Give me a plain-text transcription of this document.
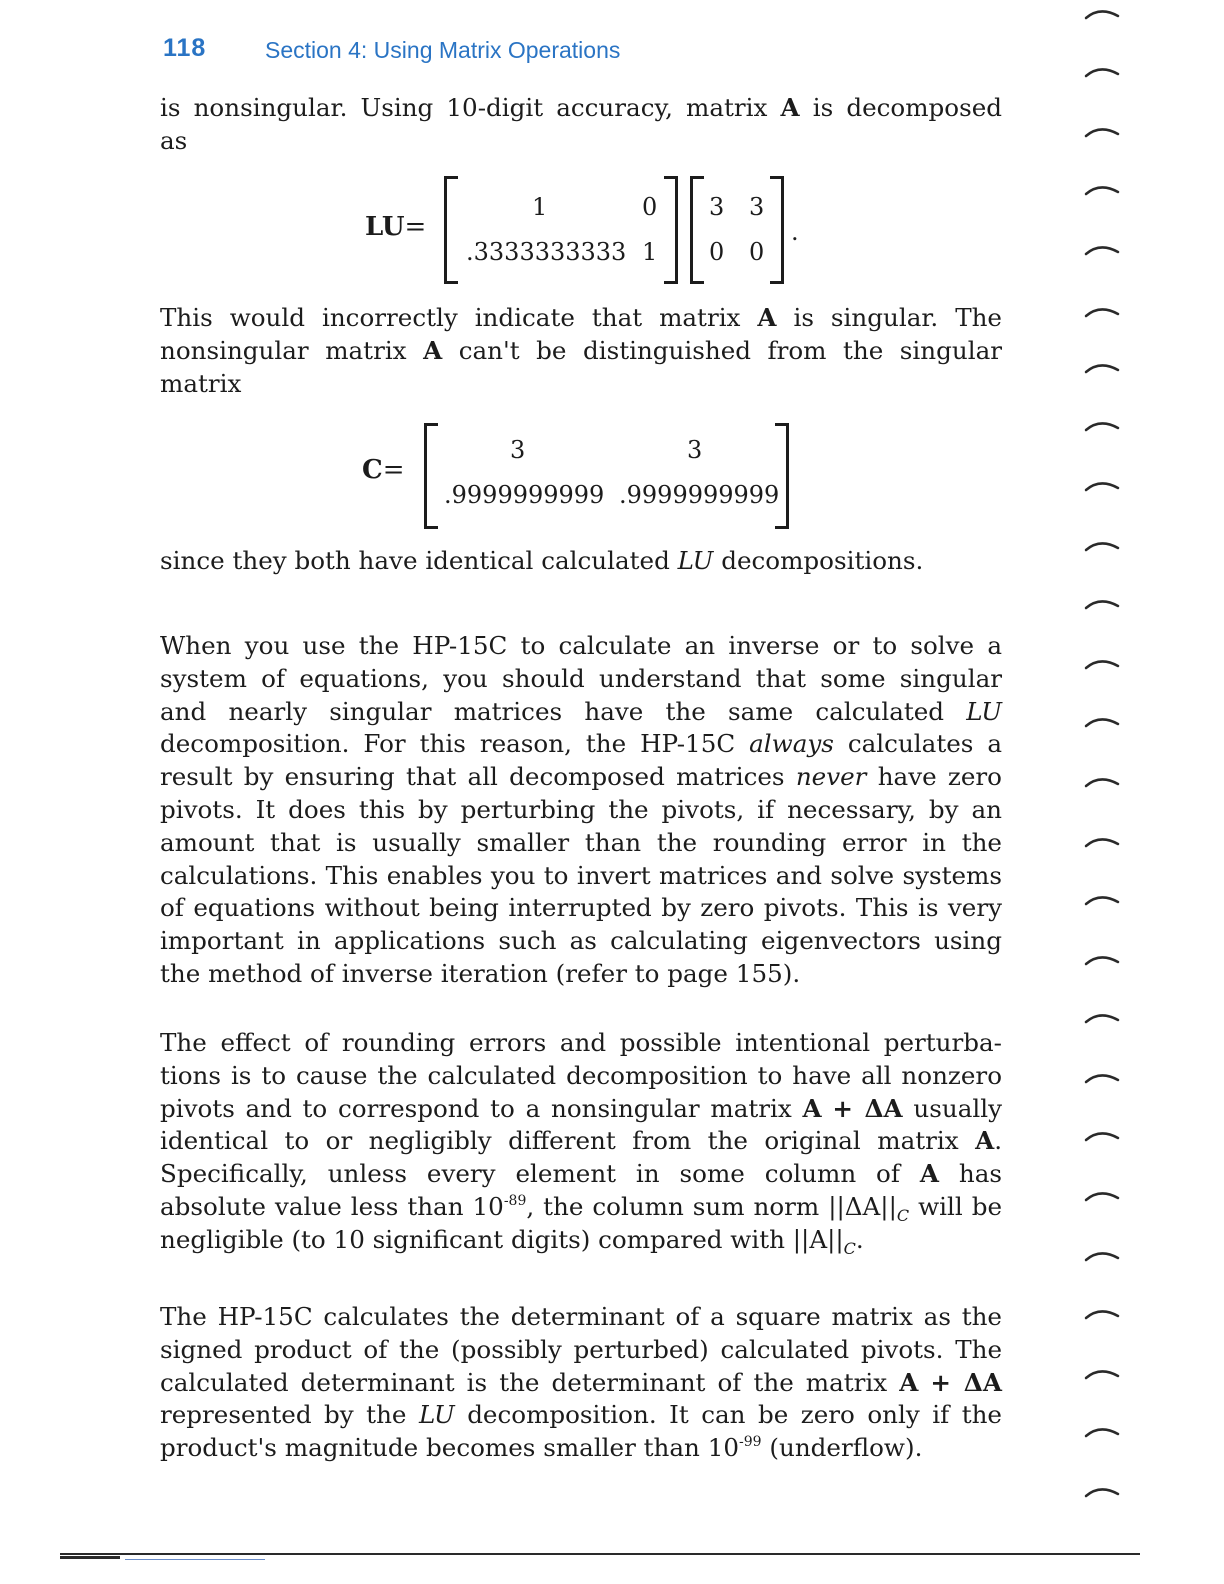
118	Section 4: Using Matrix Operations
is nonsingular. Using 10-digit accuracy, matrix A is decomposed
as
LU=
1	0
.3333333333 1
3 3
0 0
.
This would incorrectly indicate that matrix A is singular. The
nonsingular matrix A can't be distinguished from the singular
matrix
C=
3	3
.9999999999 .9999999999
since they both have identical calculated LU decompositions.
When you use the HP-15C to calculate an inverse or to solve a
system of equations, you should understand that some singular
and nearly singular matrices have the same calculated LU
decomposition. For this reason, the HP-15C always calculates a
result by ensuring that all decomposed matrices never have zero
pivots. It does this by perturbing the pivots, if necessary, by an
amount that is usually smaller than the rounding error in the
calculations. This enables you to invert matrices and solve systems
of equations without being interrupted by zero pivots. This is very
important in applications such as calculating eigenvectors using
the method of inverse iteration (refer to page 155).
The effect of rounding errors and possible intentional perturba-
tions is to cause the calculated decomposition to have all nonzero
pivots and to correspond to a nonsingular matrix A + ΔA usually
identical to or negligibly different from the original matrix A.
Specifically, unless every element in some column of A has
absolute value less than $10^{-89}$, the column sum norm $||\Delta A||_C$ will be
negligible (to 10 significant digits) compared with $||A||_C$.
The HP-15C calculates the determinant of a square matrix as the
signed product of the (possibly perturbed) calculated pivots. The
calculated determinant is the determinant of the matrix A + ΔA
represented by the LU decomposition. It can be zero only if the
product's magnitude becomes smaller than $10^{-99}$ (underflow).
